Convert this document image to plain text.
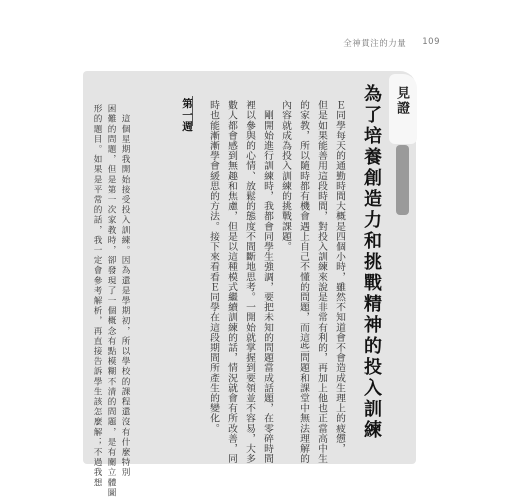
全神貫注的力量 109
見證
為了培養創造力和挑戰精神的投入訓練
Ｅ同學每天的通勤時間大概是四個小時，雖然不知道會不會造成生理上的疲憊，
但是如果能善用這段時間，對投入訓練來說是非常有利的，再加上他也正當高中生
的家教，所以隨時都有機會遇上自己不懂的問題，而這些問題和課堂中無法理解的
內容就成為投入訓練的挑戰課題。
　剛開始進行訓練時，我都會同學生強調，要把未知的問題當成話題，在零碎時間
裡以參與的心情、放鬆的態度不間斷地思考。一開始就掌握到要領並不容易，大多
數人都會感到無趣和焦慮，但是以這種模式繼續訓練的話，情況就會有所改善，同
時也能漸漸學會緩思的方法。接下來看看Ｅ同學在這段期間所產生的變化。
第一週
　這個星期我開始接受投入訓練。因為還是學期初，所以學校的課程還沒有什麼特別
困難的問題，但是第一次家教時，卻發現了一個概念有點模糊不清的問題，是有關立體圖
形的題目。如果是平常的話，我一定會參考解析，再直接告訴學生該怎麼解；不過我想
